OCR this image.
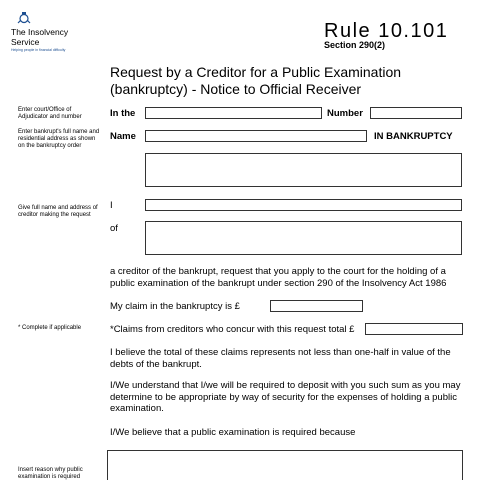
The Insolvency
Service
Helping people in financial difficulty
Rule 10.101
Section 290(2)
Request by a Creditor for a Public Examination (bankruptcy) - Notice to Official Receiver
Enter court/Office of Adjudicator and number
Enter bankrupt's full name and residential address as shown on the bankruptcy order
Give full name and address of creditor making the request
* Complete if applicable
Insert reason why public examination is required
In the	Number
Name	IN BANKRUPTCY
I
of
a creditor of the bankrupt, request that you apply to the court for the holding of a public examination of the bankrupt under section 290 of the Insolvency Act 1986
My claim in the bankruptcy is £
*Claims from creditors who concur with this request total £
I believe the total of these claims represents not less than one-half in value of the debts of the bankrupt.
I/We understand that I/we will be required to deposit with you such sum as you may determine to be appropriate by way of security for the expenses of holding a public examination.
I/We believe that a public examination is required because
